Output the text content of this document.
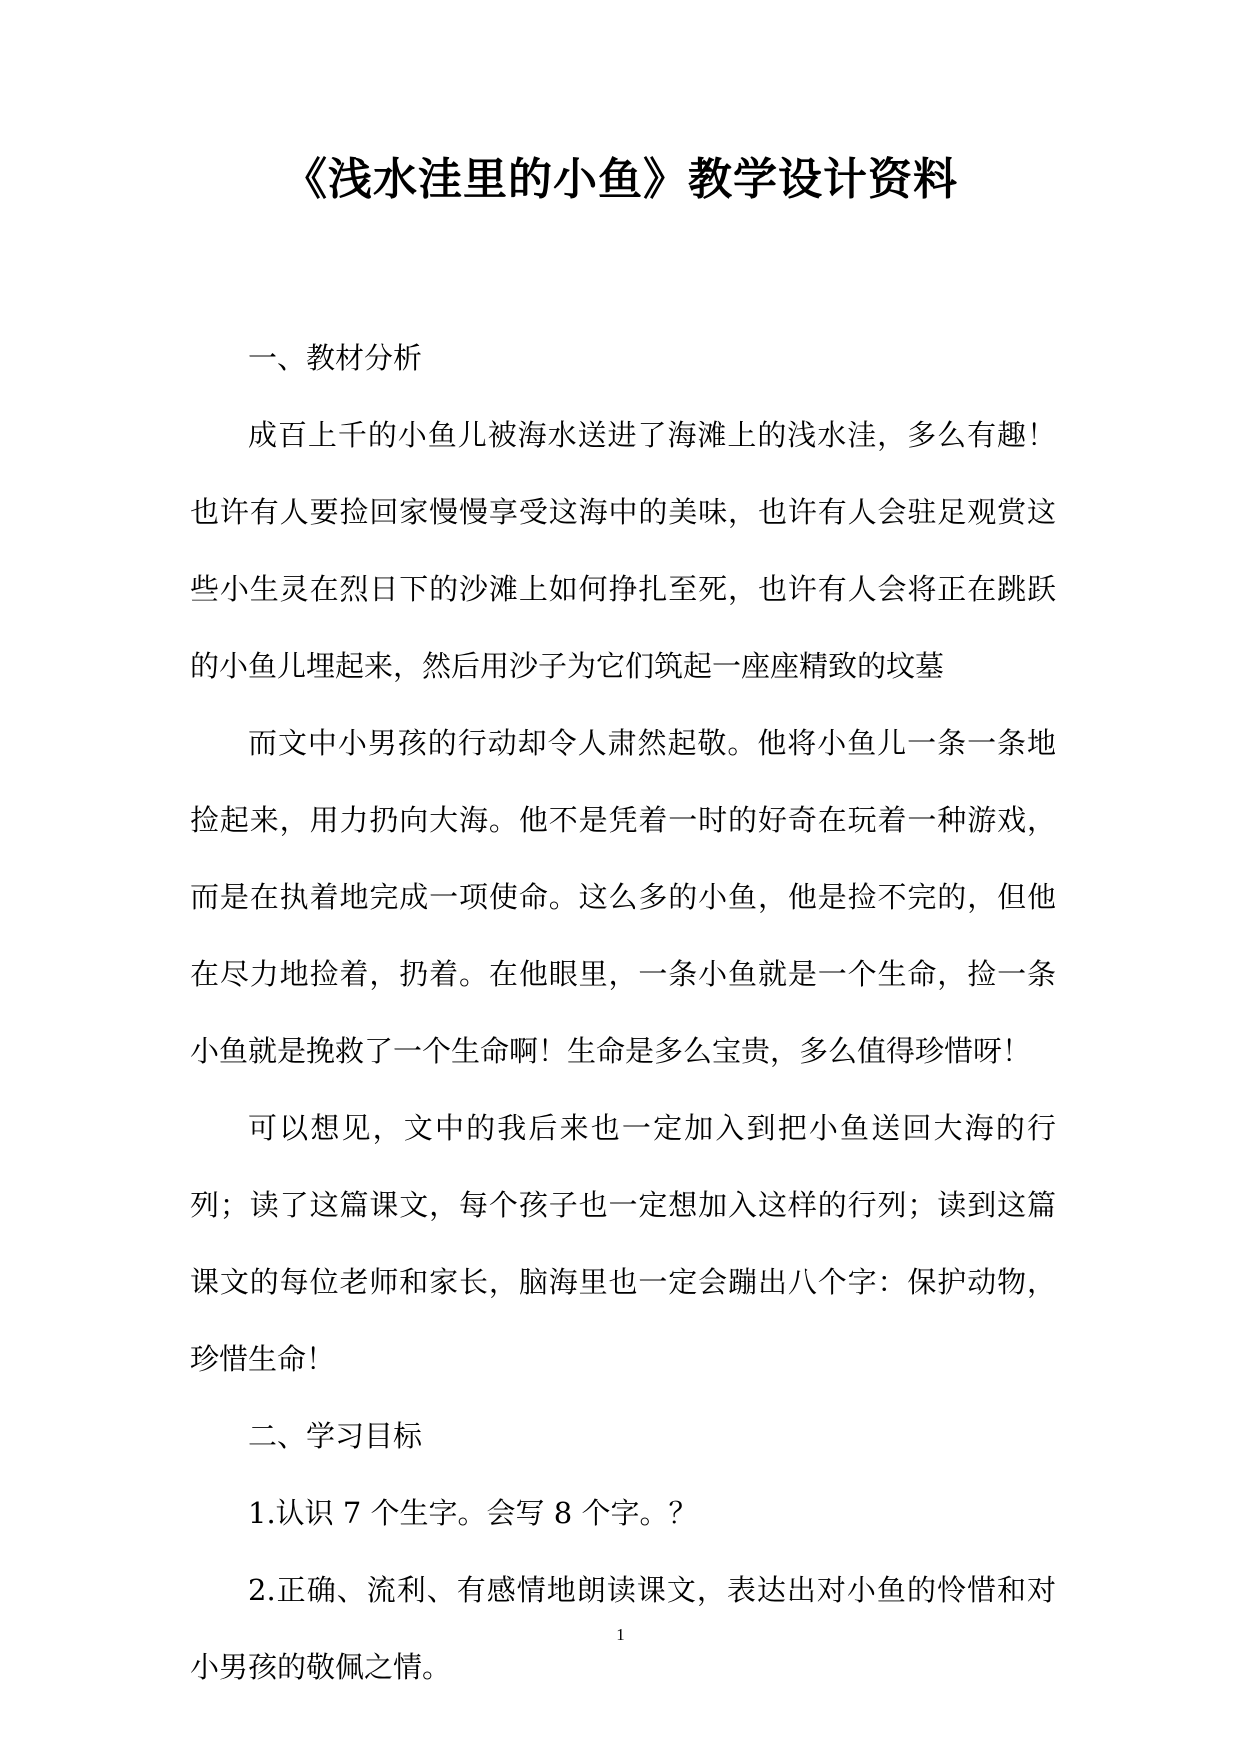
《浅水洼里的小鱼》教学设计资料

一、教材分析

成百上千的小鱼儿被海水送进了海滩上的浅水洼，多么有趣！也许有人要捡回家慢慢享受这海中的美味，也许有人会驻足观赏这些小生灵在烈日下的沙滩上如何挣扎至死，也许有人会将正在跳跃的小鱼儿埋起来，然后用沙子为它们筑起一座座精致的坟墓

而文中小男孩的行动却令人肃然起敬。他将小鱼儿一条一条地捡起来，用力扔向大海。他不是凭着一时的好奇在玩着一种游戏，而是在执着地完成一项使命。这么多的小鱼，他是捡不完的，但他在尽力地捡着，扔着。在他眼里，一条小鱼就是一个生命，捡一条小鱼就是挽救了一个生命啊！生命是多么宝贵，多么值得珍惜呀！

可以想见，文中的我后来也一定加入到把小鱼送回大海的行列；读了这篇课文，每个孩子也一定想加入这样的行列；读到这篇课文的每位老师和家长，脑海里也一定会蹦出八个字：保护动物，珍惜生命！

二、学习目标

1.认识 7 个生字。会写 8 个字。？

2.正确、流利、有感情地朗读课文，表达出对小鱼的怜惜和对小男孩的敬佩之情。

1
